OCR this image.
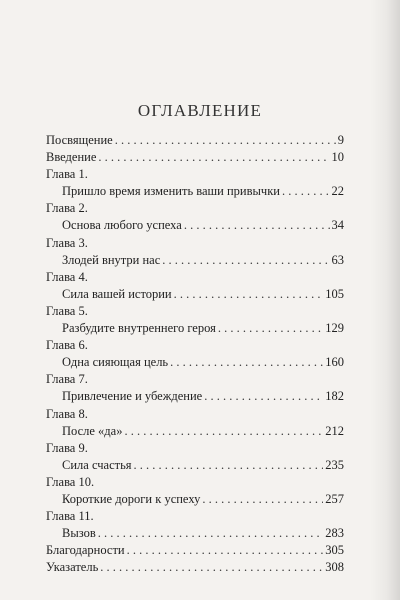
ОГЛАВЛЕНИЕ
Посвящение . . .	9
Введение . . .	10
Глава 1.
Пришло время изменить ваши привычки . . .	22
Глава 2.
Основа любого успеха . . .	34
Глава 3.
Злодей внутри нас . . .	63
Глава 4.
Сила вашей истории . . .	105
Глава 5.
Разбудите внутреннего героя . . .	129
Глава 6.
Одна сияющая цель . . .	160
Глава 7.
Привлечение и убеждение . . .	182
Глава 8.
После «да» . . .	212
Глава 9.
Сила счастья . . .	235
Глава 10.
Короткие дороги к успеху . . .	257
Глава 11.
Вызов . . .	283
Благодарности . . .	305
Указатель . . .	308
